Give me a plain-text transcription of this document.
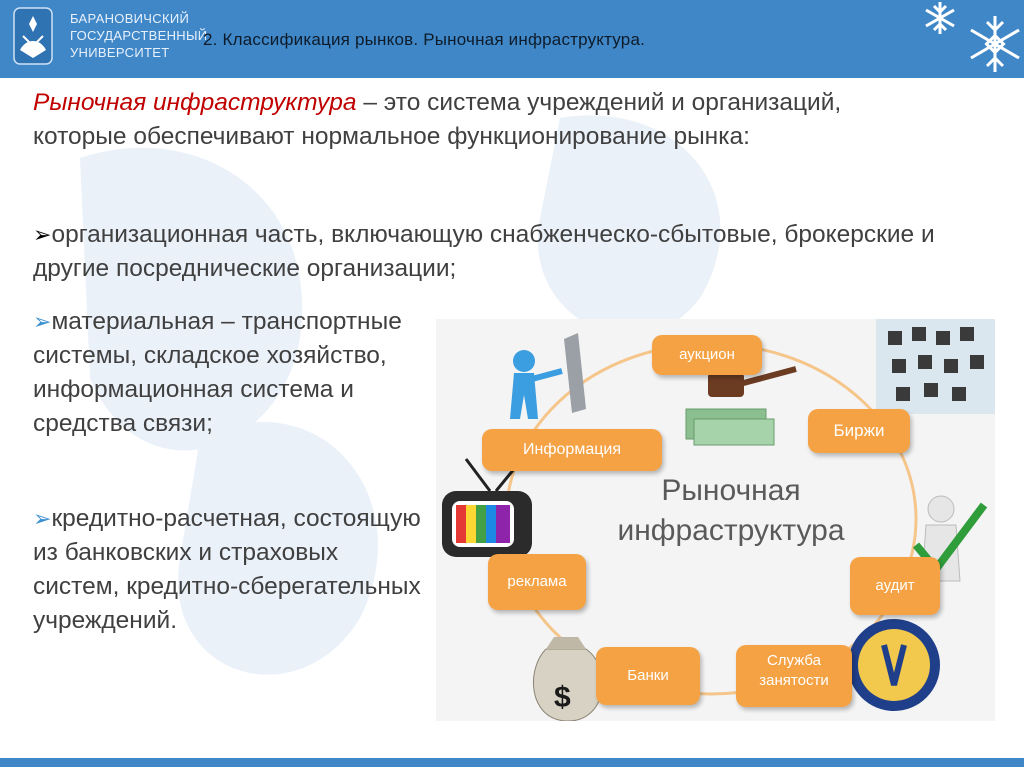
БАРАНОВИЧСКИЙ
ГОСУДАРСТВЕННЫЙ
УНИВЕРСИТЕТ
2. Классификация рынков. Рыночная инфраструктура.
Рыночная инфраструктура – это система учреждений и организаций, которые обеспечивают нормальное функционирование рынка:
➢организационная часть, включающую снабженческо-сбытовые, брокерские и другие посреднические организации;
➢материальная – транспортные системы, складское хозяйство, информационная система и средства связи;
➢кредитно-расчетная, состоящую из банковских и страховых систем, кредитно-сберегательных учреждений.
аукцион
Биржи
Информация
реклама	аудит
Банки
Служба
занятости
$
Рыночная
инфраструктура
